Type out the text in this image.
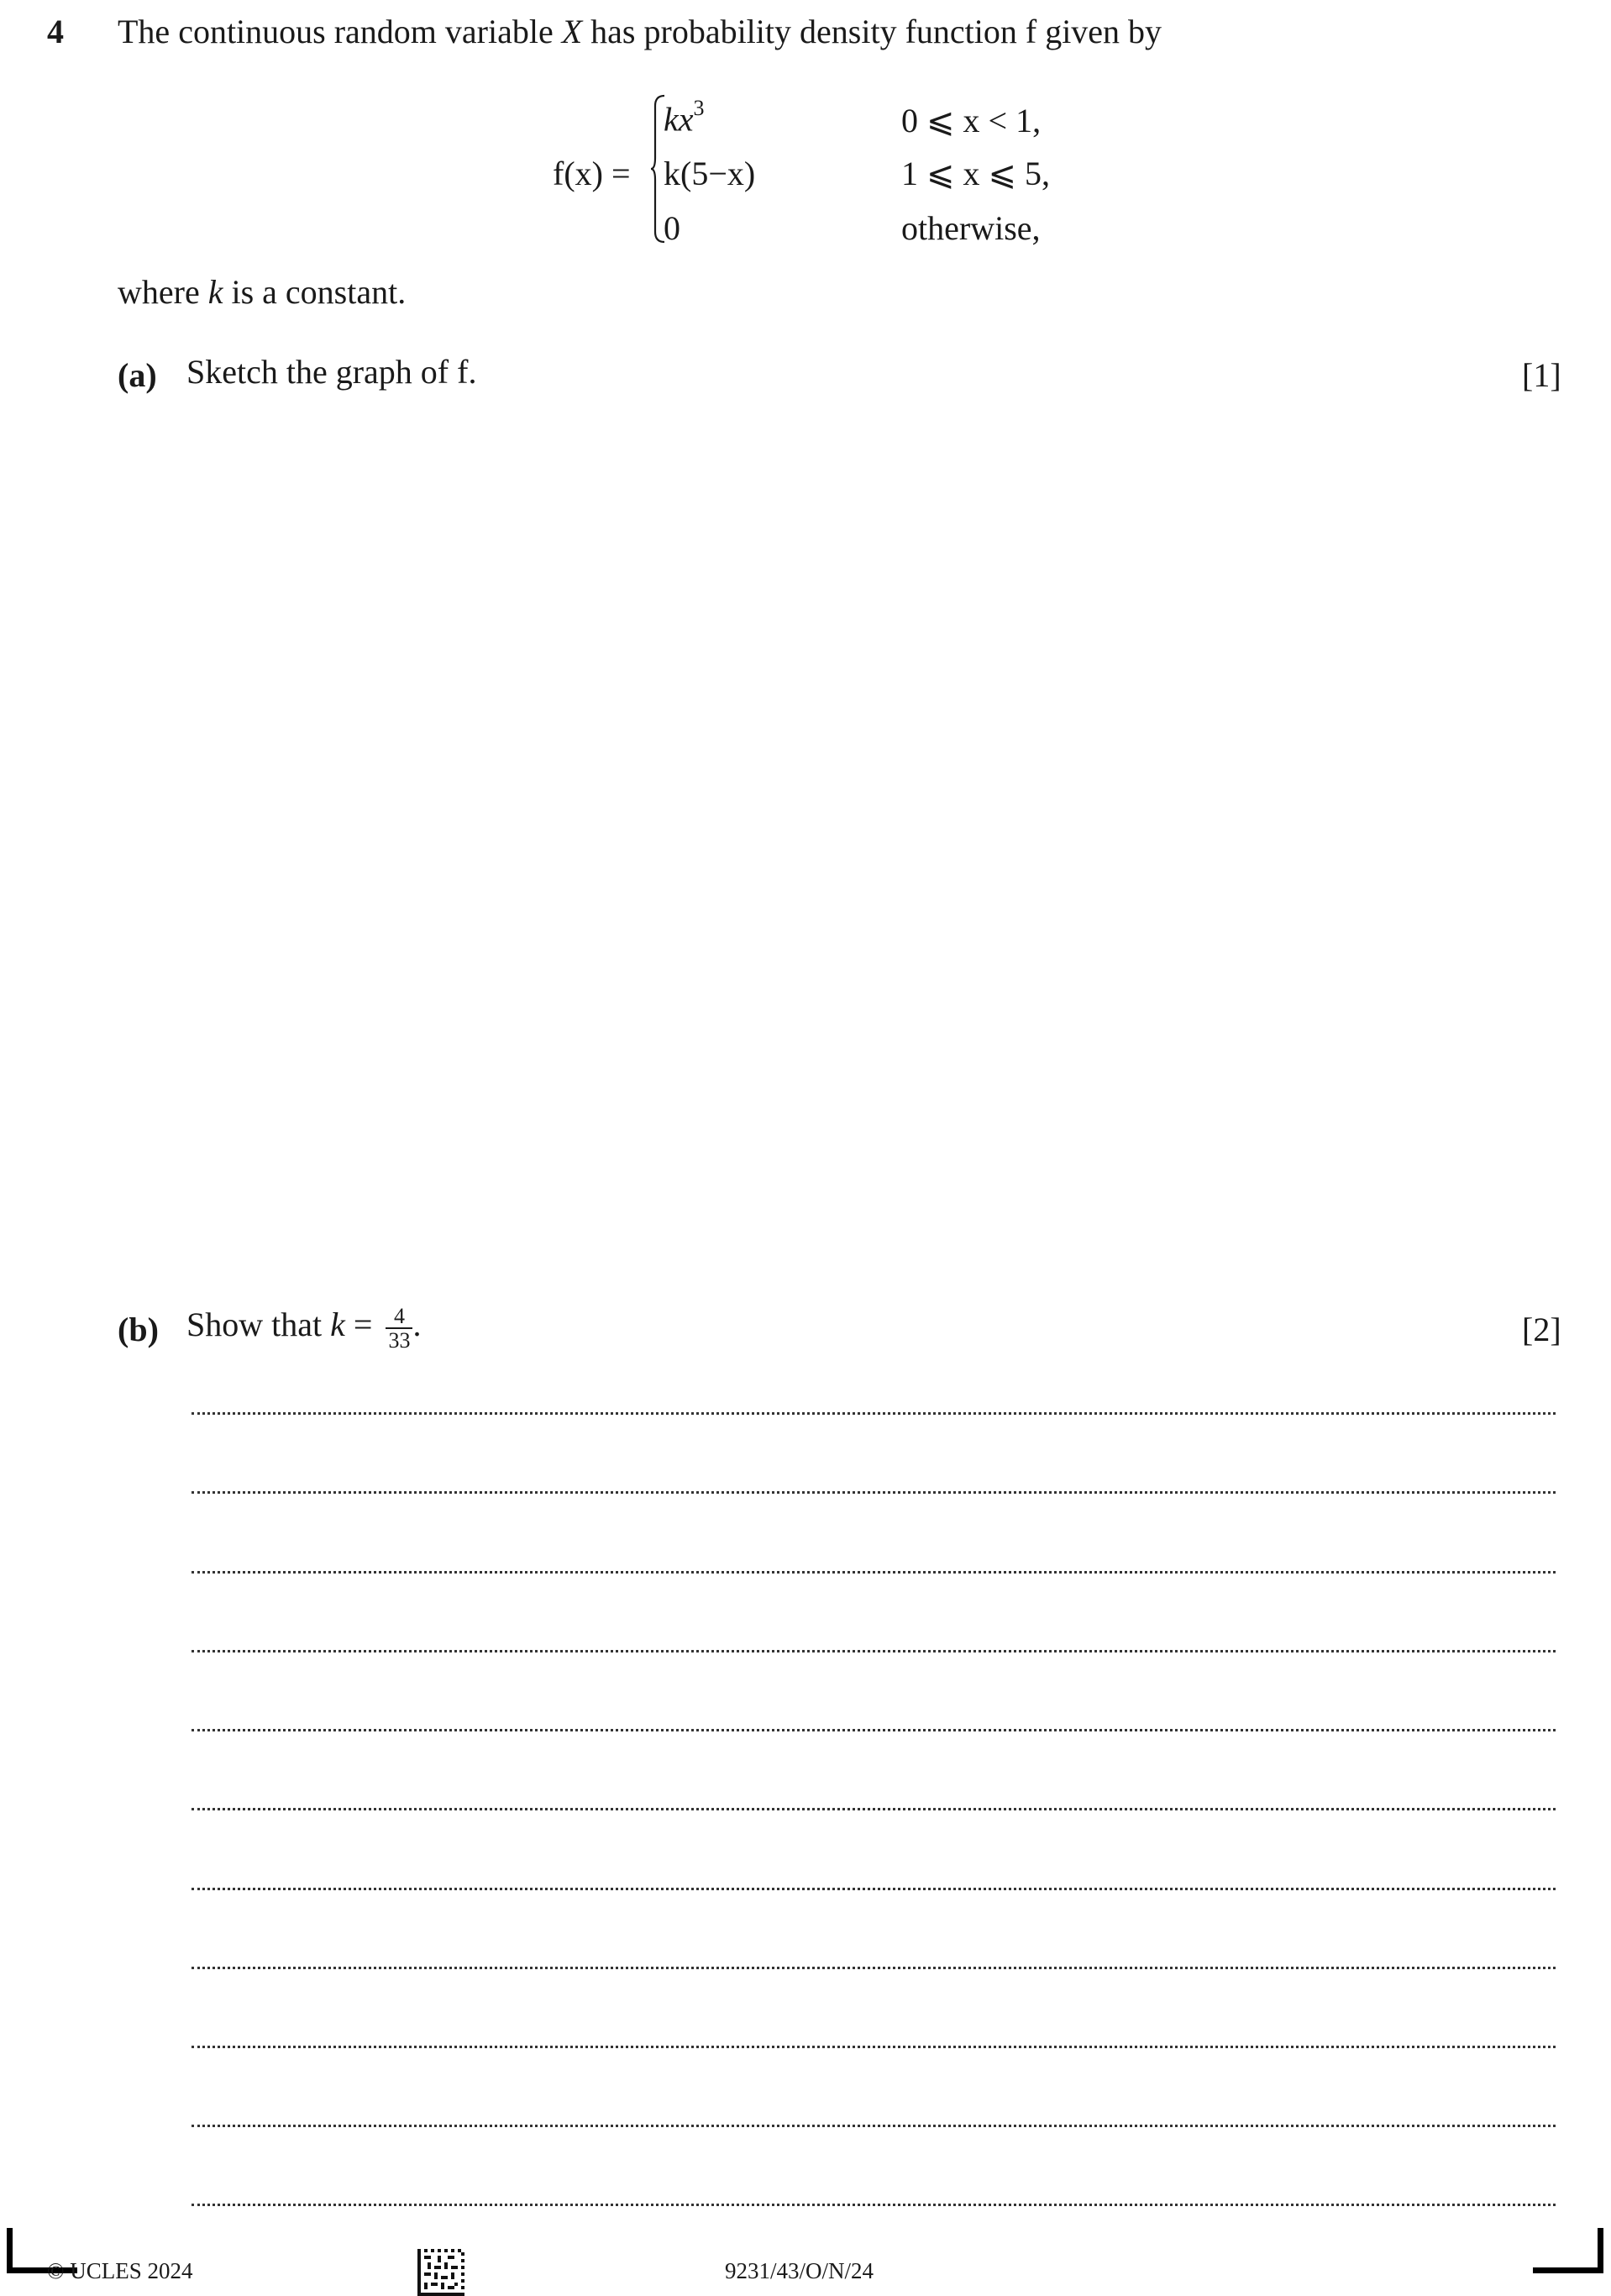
4 The continuous random variable X has probability density function f given by
f(x) =
$kx^3$	0 ⩽ x < 1,
k(5−x)	1 ⩽ x ⩽ 5,
0	otherwise,
where k is a constant.
(a) Sketch the graph of f.	[1]
(b) Show that $k = \frac{4}{33}$ .	[2]
© UCLES 2024	9231/43/O/N/24
